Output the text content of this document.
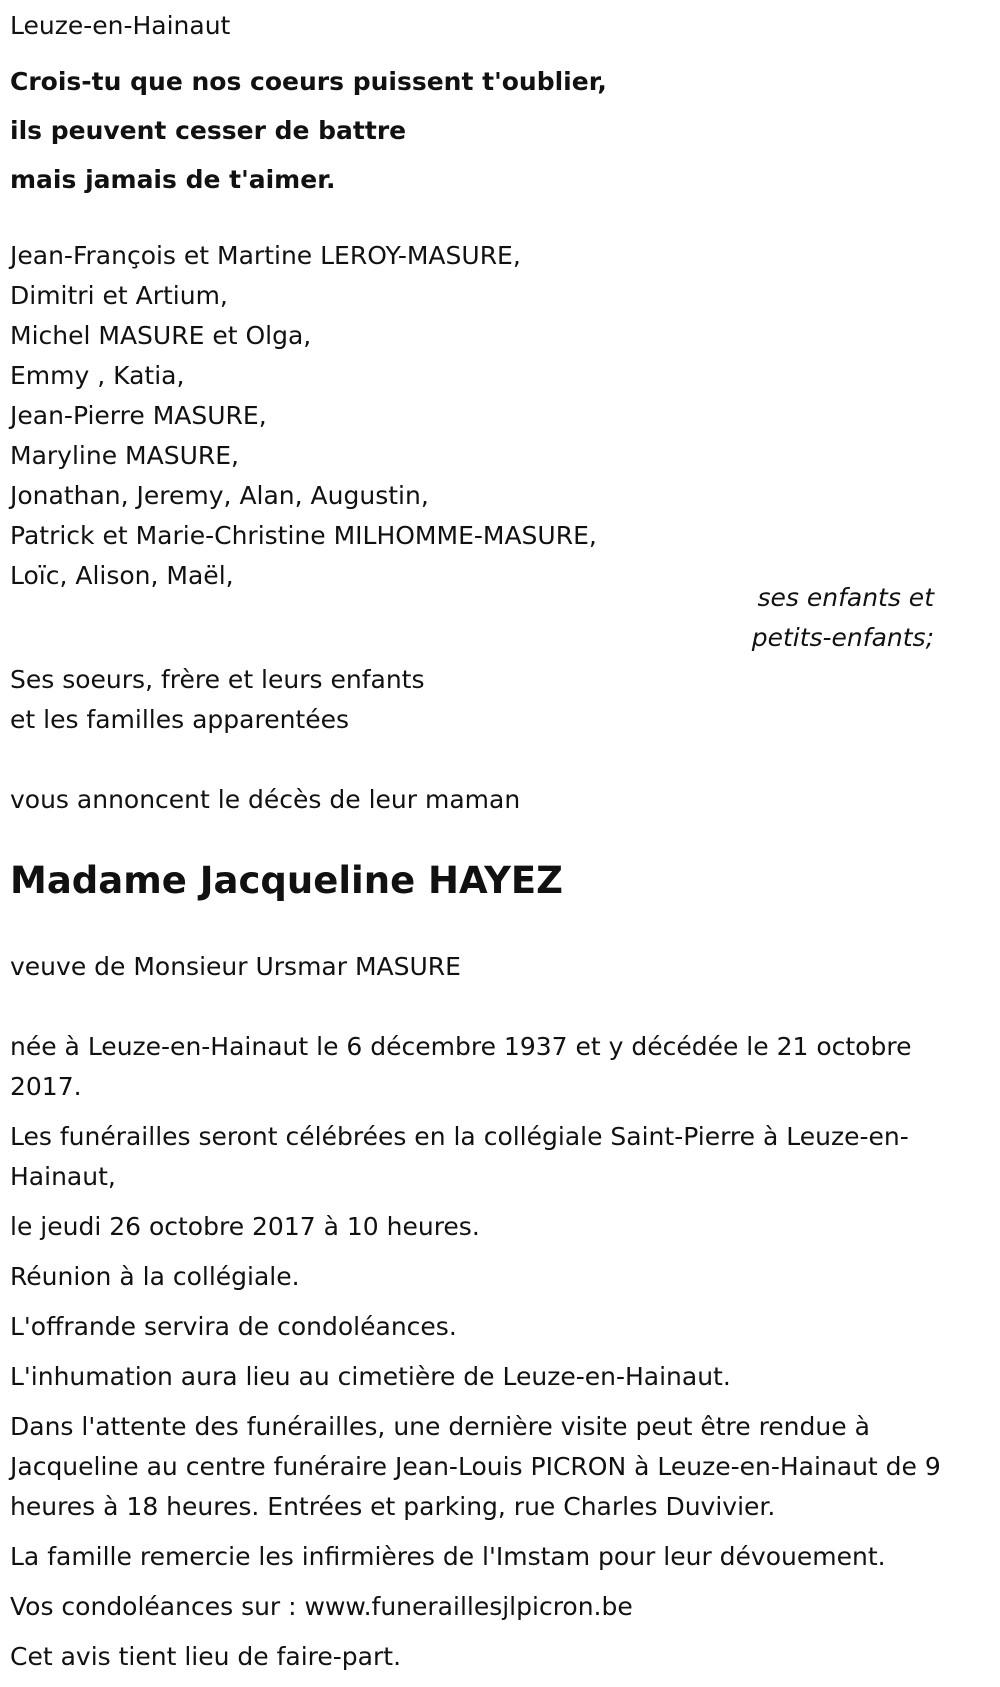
Leuze-en-Hainaut
Crois-tu que nos coeurs puissent t'oublier,
ils peuvent cesser de battre
mais jamais de t'aimer.
Jean-François et Martine LEROY-MASURE,
Dimitri et Artium,
Michel MASURE et Olga,
Emmy , Katia,
Jean-Pierre MASURE,
Maryline MASURE,
Jonathan, Jeremy, Alan, Augustin,
Patrick et Marie-Christine MILHOMME-MASURE,
Loïc, Alison, Maël,
ses enfants et
petits-enfants;
Ses soeurs, frère et leurs enfants
et les familles apparentées
vous annoncent le décès de leur maman
Madame Jacqueline HAYEZ
veuve de Monsieur Ursmar MASURE

née à Leuze-en-Hainaut le 6 décembre 1937 et y décédée le 21 octobre 2017.

Les funérailles seront célébrées en la collégiale Saint-Pierre à Leuze-en-Hainaut,

le jeudi 26 octobre 2017 à 10 heures.

Réunion à la collégiale.

L'offrande servira de condoléances.

L'inhumation aura lieu au cimetière de Leuze-en-Hainaut.

Dans l'attente des funérailles, une dernière visite peut être rendue à Jacqueline au centre funéraire Jean-Louis PICRON à Leuze-en-Hainaut de 9 heures à 18 heures. Entrées et parking, rue Charles Duvivier.

La famille remercie les infirmières de l'Imstam pour leur dévouement.

Vos condoléances sur : www.funeraillesjlpicron.be

Cet avis tient lieu de faire-part.
